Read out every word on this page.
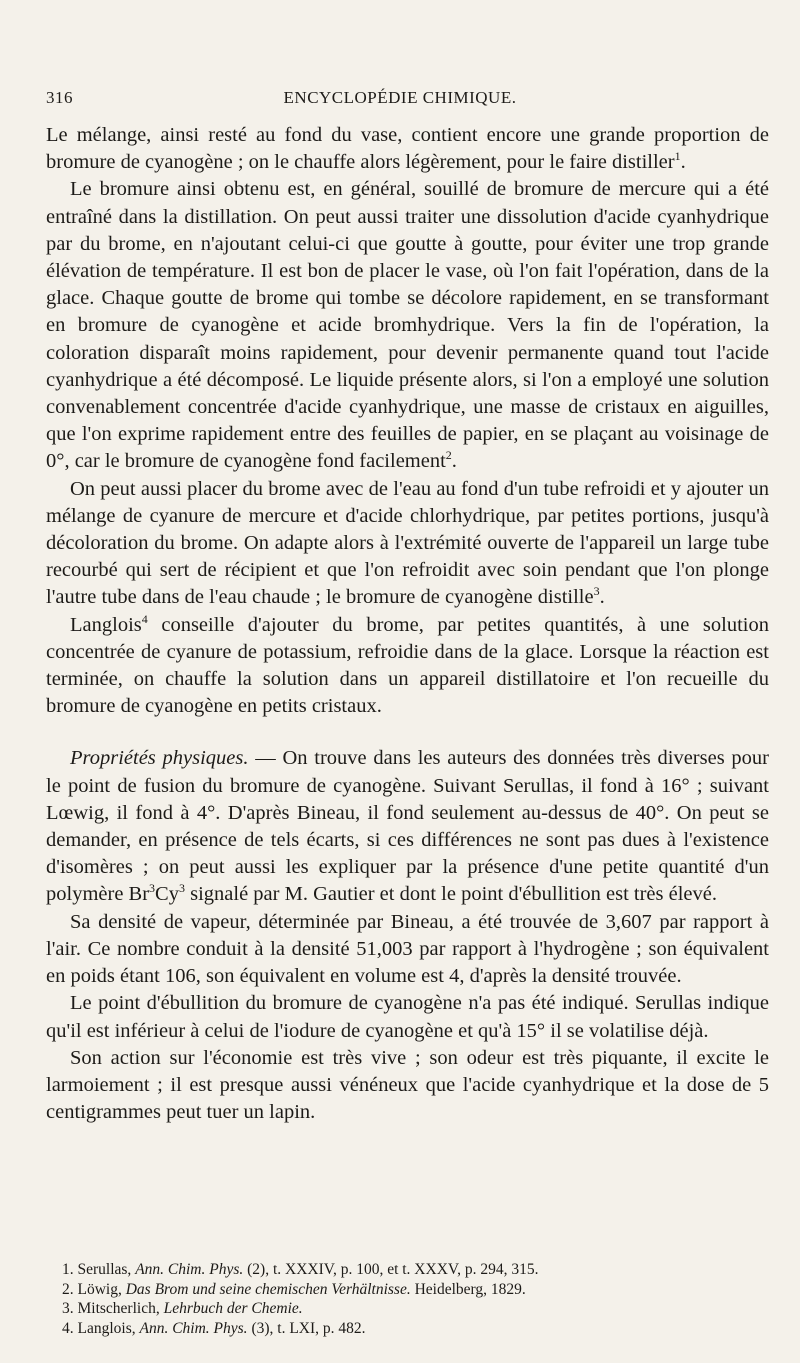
316	ENCYCLOPÉDIE CHIMIQUE.

Le mélange, ainsi resté au fond du vase, contient encore une grande proportion de bromure de cyanogène ; on le chauffe alors légèrement, pour le faire distiller$^1$.

Le bromure ainsi obtenu est, en général, souillé de bromure de mercure qui a été entraîné dans la distillation. On peut aussi traiter une dissolution d'acide cyanhydrique par du brome, en n'ajoutant celui-ci que goutte à goutte, pour éviter une trop grande élévation de température. Il est bon de placer le vase, où l'on fait l'opération, dans de la glace. Chaque goutte de brome qui tombe se décolore rapidement, en se transformant en bromure de cyanogène et acide bromhydrique. Vers la fin de l'opération, la coloration disparaît moins rapidement, pour devenir permanente quand tout l'acide cyanhydrique a été décomposé. Le liquide présente alors, si l'on a employé une solution convenablement concentrée d'acide cyanhydrique, une masse de cristaux en aiguilles, que l'on exprime rapidement entre des feuilles de papier, en se plaçant au voisinage de 0°, car le bromure de cyanogène fond facilement$^2$.

On peut aussi placer du brome avec de l'eau au fond d'un tube refroidi et y ajouter un mélange de cyanure de mercure et d'acide chlorhydrique, par petites portions, jusqu'à décoloration du brome. On adapte alors à l'extrémité ouverte de l'appareil un large tube recourbé qui sert de récipient et que l'on refroidit avec soin pendant que l'on plonge l'autre tube dans de l'eau chaude ; le bromure de cyanogène distille$^3$.

Langlois$^4$ conseille d'ajouter du brome, par petites quantités, à une solution concentrée de cyanure de potassium, refroidie dans de la glace. Lorsque la réaction est terminée, on chauffe la solution dans un appareil distillatoire et l'on recueille du bromure de cyanogène en petits cristaux.

Propriétés physiques. — On trouve dans les auteurs des données très diverses pour le point de fusion du bromure de cyanogène. Suivant Serullas, il fond à 16° ; suivant Lœwig, il fond à 4°. D'après Bineau, il fond seulement au-dessus de 40°. On peut se demander, en présence de tels écarts, si ces différences ne sont pas dues à l'existence d'isomères ; on peut aussi les expliquer par la présence d'une petite quantité d'un polymère Br$^3$Cy$^3$ signalé par M. Gautier et dont le point d'ébullition est très élevé.

Sa densité de vapeur, déterminée par Bineau, a été trouvée de 3,607 par rapport à l'air. Ce nombre conduit à la densité 51,003 par rapport à l'hydrogène ; son équivalent en poids étant 106, son équivalent en volume est 4, d'après la densité trouvée.

Le point d'ébullition du bromure de cyanogène n'a pas été indiqué. Serullas indique qu'il est inférieur à celui de l'iodure de cyanogène et qu'à 15° il se volatilise déjà.

Son action sur l'économie est très vive ; son odeur est très piquante, il excite le larmoiement ; il est presque aussi vénéneux que l'acide cyanhydrique et la dose de 5 centigrammes peut tuer un lapin.

1. Serullas, Ann. Chim. Phys. (2), t. XXXIV, p. 100, et t. XXXV, p. 294, 315.
2. Löwig, Das Brom und seine chemischen Verhältnisse. Heidelberg, 1829.
3. Mitscherlich, Lehrbuch der Chemie.
4. Langlois, Ann. Chim. Phys. (3), t. LXI, p. 482.
